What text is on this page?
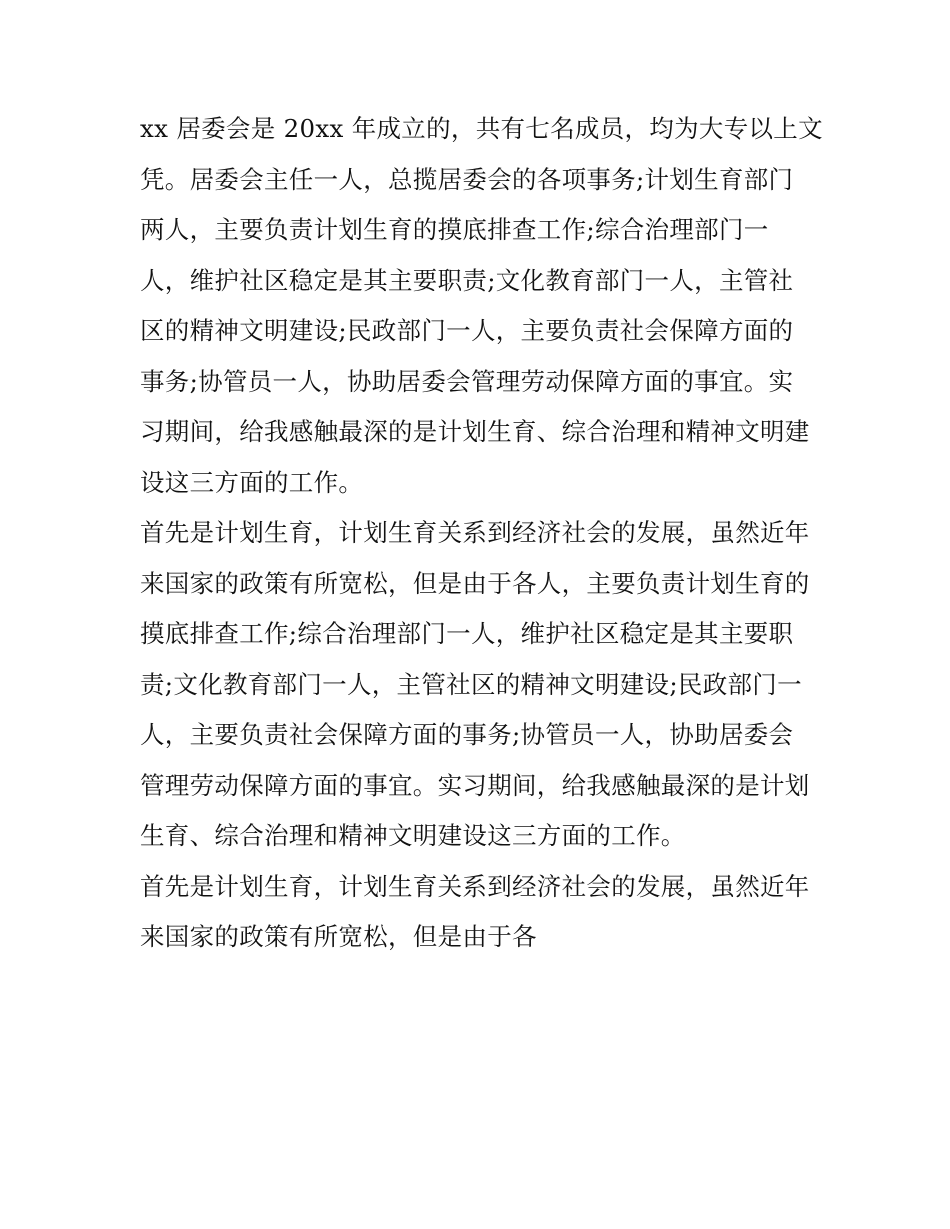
xx 居委会是 20xx 年成立的，共有七名成员，均为大专以上文
凭。居委会主任一人，总揽居委会的各项事务;计划生育部门
两人，主要负责计划生育的摸底排查工作;综合治理部门一
人，维护社区稳定是其主要职责;文化教育部门一人，主管社
区的精神文明建设;民政部门一人，主要负责社会保障方面的
事务;协管员一人，协助居委会管理劳动保障方面的事宜。实
习期间，给我感触最深的是计划生育、综合治理和精神文明建
设这三方面的工作。
首先是计划生育，计划生育关系到经济社会的发展，虽然近年
来国家的政策有所宽松，但是由于各人，主要负责计划生育的
摸底排查工作;综合治理部门一人，维护社区稳定是其主要职
责;文化教育部门一人，主管社区的精神文明建设;民政部门一
人，主要负责社会保障方面的事务;协管员一人，协助居委会
管理劳动保障方面的事宜。实习期间，给我感触最深的是计划
生育、综合治理和精神文明建设这三方面的工作。
首先是计划生育，计划生育关系到经济社会的发展，虽然近年
来国家的政策有所宽松，但是由于各
